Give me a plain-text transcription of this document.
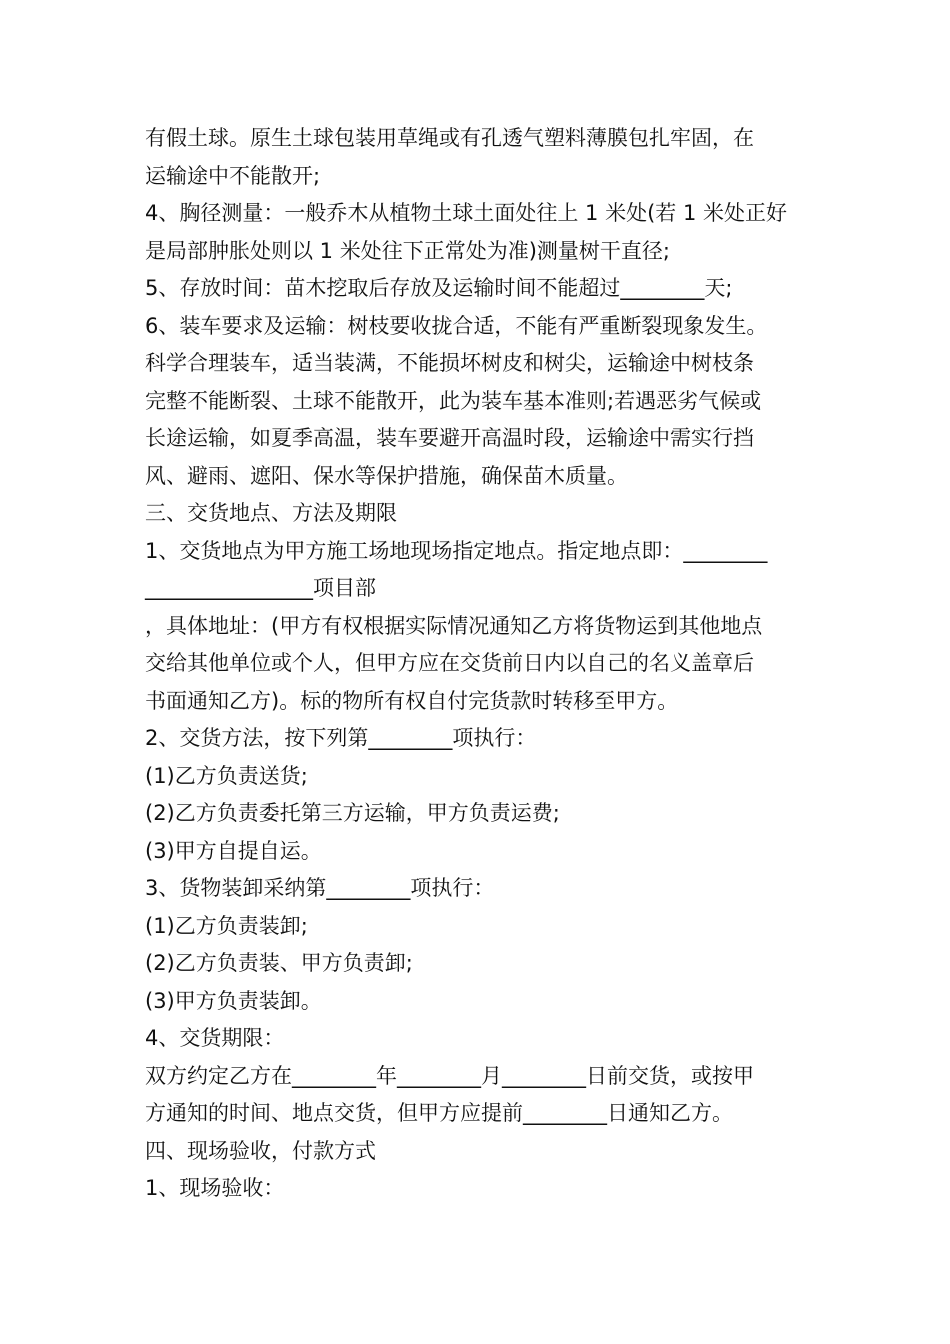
有假土球。原生土球包装用草绳或有孔透气塑料薄膜包扎牢固，在
运输途中不能散开;
4、胸径测量：一般乔木从植物土球土面处往上 1 米处(若 1 米处正好
是局部肿胀处则以 1 米处往下正常处为准)测量树干直径;
5、存放时间：苗木挖取后存放及运输时间不能超过________天;
6、装车要求及运输：树枝要收拢合适，不能有严重断裂现象发生。
科学合理装车，适当装满，不能损坏树皮和树尖，运输途中树枝条
完整不能断裂、土球不能散开，此为装车基本准则;若遇恶劣气候或
长途运输，如夏季高温，装车要避开高温时段，运输途中需实行挡
风、避雨、遮阳、保水等保护措施，确保苗木质量。
三、交货地点、方法及期限
1、交货地点为甲方施工场地现场指定地点。指定地点即：________
________________项目部
，具体地址：(甲方有权根据实际情况通知乙方将货物运到其他地点
交给其他单位或个人，但甲方应在交货前日内以自己的名义盖章后
书面通知乙方)。标的物所有权自付完货款时转移至甲方。
2、交货方法，按下列第________项执行：
(1)乙方负责送货;
(2)乙方负责委托第三方运输，甲方负责运费;
(3)甲方自提自运。
3、货物装卸采纳第________项执行：
(1)乙方负责装卸;
(2)乙方负责装、甲方负责卸;
(3)甲方负责装卸。
4、交货期限：
双方约定乙方在________年________月________日前交货，或按甲
方通知的时间、地点交货，但甲方应提前________日通知乙方。
四、现场验收，付款方式
1、现场验收：
